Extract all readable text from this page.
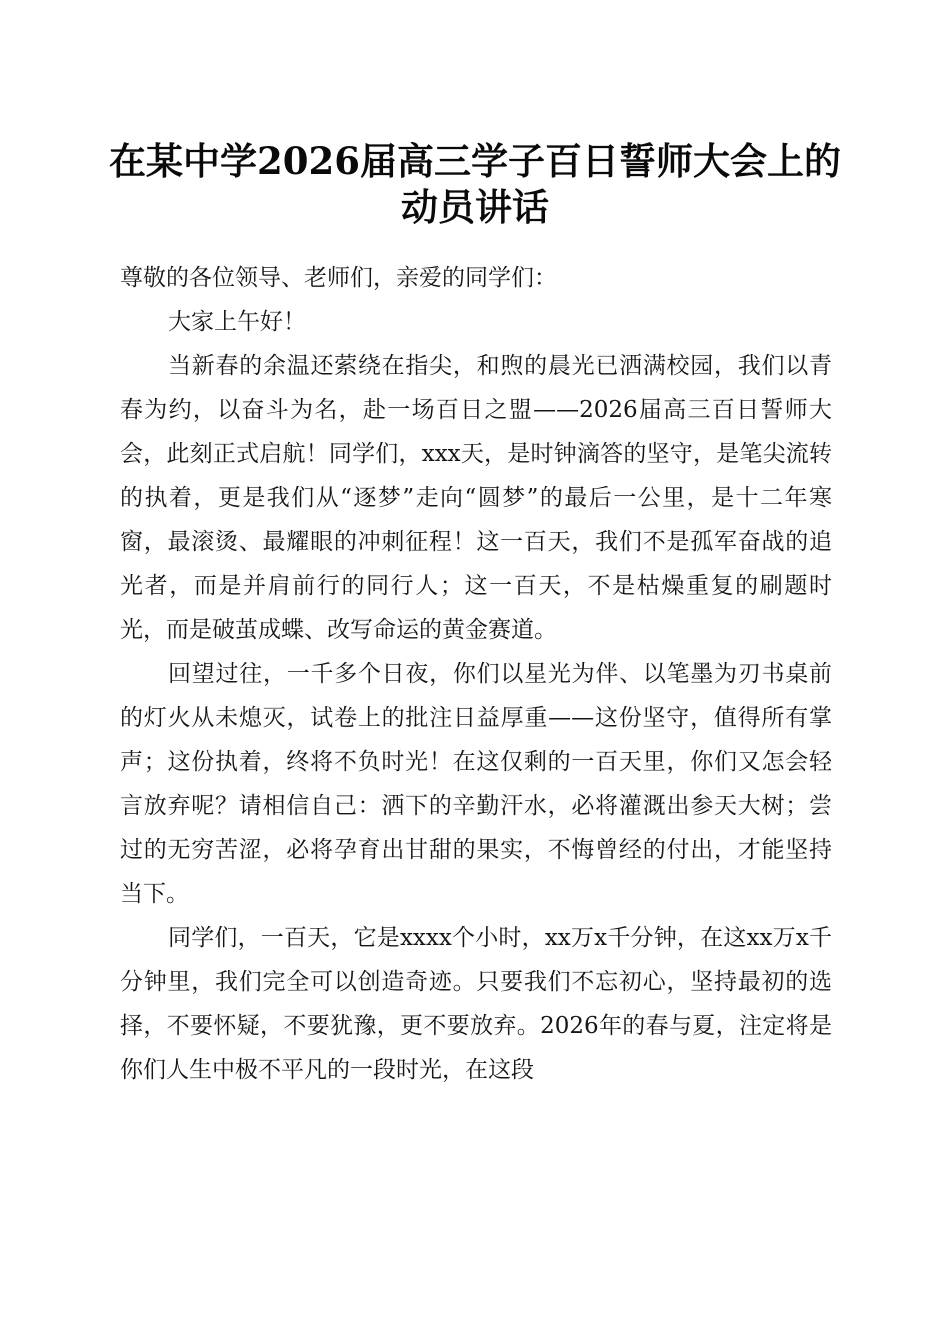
在某中学2026届高三学子百日誓师大会上的
动员讲话

尊敬的各位领导、老师们，亲爱的同学们：

大家上午好！

当新春的余温还萦绕在指尖，和煦的晨光已洒满校园，我们以青春为约，以奋斗为名，赴一场百日之盟——2026届高三百日誓师大会，此刻正式启航！同学们，xxx天，是时钟滴答的坚守，是笔尖流转的执着，更是我们从“逐梦”走向“圆梦”的最后一公里，是十二年寒窗，最滚烫、最耀眼的冲刺征程！这一百天，我们不是孤军奋战的追光者，而是并肩前行的同行人；这一百天，不是枯燥重复的刷题时光，而是破茧成蝶、改写命运的黄金赛道。

回望过往，一千多个日夜，你们以星光为伴、以笔墨为刃书桌前的灯火从未熄灭，试卷上的批注日益厚重——这份坚守，值得所有掌声；这份执着，终将不负时光！在这仅剩的一百天里，你们又怎会轻言放弃呢？请相信自己：洒下的辛勤汗水，必将灌溉出参天大树；尝过的无穷苦涩，必将孕育出甘甜的果实，不悔曾经的付出，才能坚持当下。

同学们，一百天，它是xxxx个小时，xx万x千分钟，在这xx万x千分钟里，我们完全可以创造奇迹。只要我们不忘初心，坚持最初的选择，不要怀疑，不要犹豫，更不要放弃。2026年的春与夏，注定将是你们人生中极不平凡的一段时光，在这段
